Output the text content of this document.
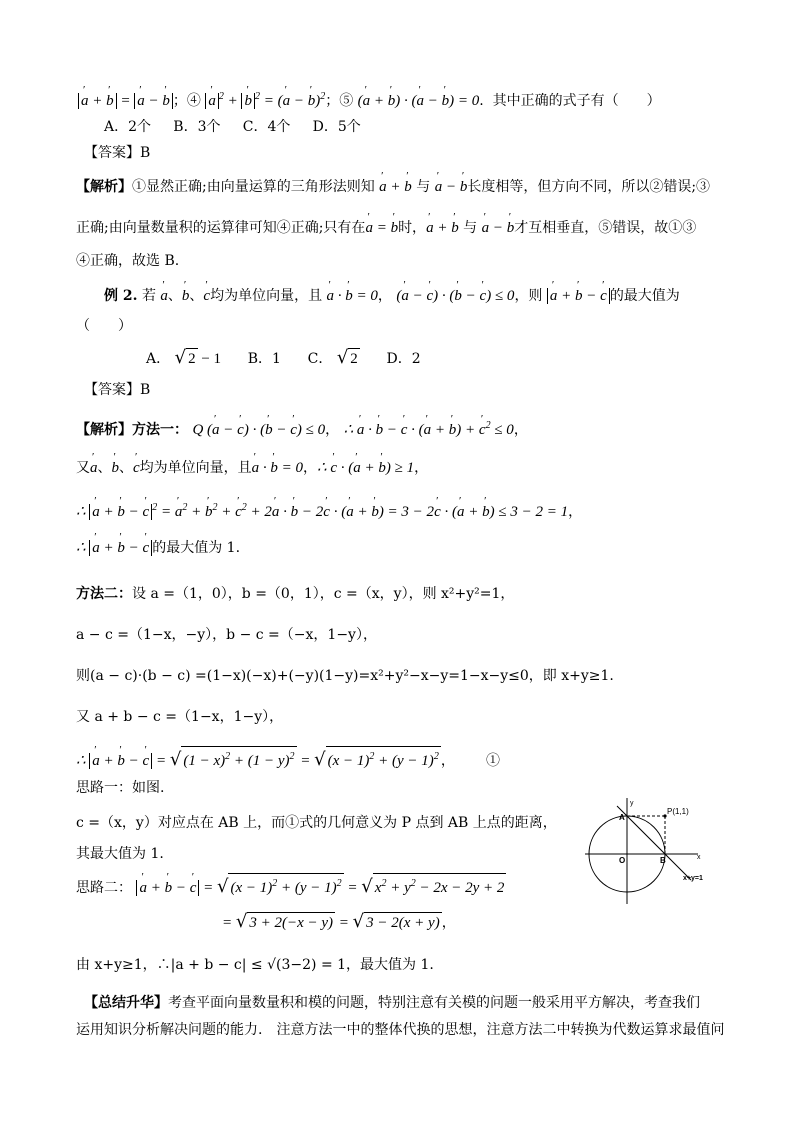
ʹ a + ʹ b = ʹ a − ʹ b ；④ ʹ a $^2$ + ʹ b $^2$ = (ʹ a − ʹ b)$^2$；⑤ (ʹ a + ʹ b) · (ʹ a − ʹ b) = 0.  其中正确的式子有（　　）
A．2个 B．3个 C．4个 D．5个
【答案】B
【解析】①显然正确;由向量运算的三角形法则知 ʹ a + ʹ b 与 ʹ a − ʹ b长度相等，但方向不同，所以②错误;③
正确;由向量数量积的运算律可知④正确;只有在ʹ a = ʹ b时，ʹ a + ʹ b 与 ʹ a − ʹ b才互相垂直，⑤错误，故①③
④正确，故选 B.
例 2. 若 ʹ a、ʹ b、ʹ c均为单位向量，且 ʹ a · ʹ b = 0， (ʹ a − ʹ c) · (ʹ b − ʹ c) ≤ 0，则 ʹ a + ʹ b − ʹ c 的最大值为
（　　）
A． √ 2 − 1 B．1 C． √ 2 D．2
【答案】B
【解析】方法一： Q (ʹ a − ʹ c) · (ʹ b − ʹ c) ≤ 0， ∴ ʹ a · ʹ b − ʹ c · (ʹ a + ʹ b) + ʹ $c^2 \le 0$，
又ʹ a、ʹ b、ʹ c均为单位向量，且ʹ a · ʹ b = 0，∴ ʹ c · (ʹ a + ʹ b) ≥ 1，
∴ ʹ a + ʹ b − ʹ c $^2$ = ʹ $a^2$ + ʹ $b^2$ + ʹ $c^2$ + 2ʹ a · ʹ b − 2ʹ c · (ʹ a + ʹ b) = 3 − 2ʹ c · (ʹ a + ʹ b) ≤ 3 − 2 = 1，
∴ ʹ a + ʹ b − ʹ c 的最大值为 1.
方法二：设 a =（1，0），b =（0，1），c =（x，y），则 x²+y²=1，
a − c =（1−x，−y），b − c =（−x，1−y），
则(a − c)·(b − c) =(1−x)(−x)+(−y)(1−y)=x²+y²−x−y=1−x−y≤0，即 x+y≥1.
又 a + b − c =（1−x，1−y），
∴ ʹ a + ʹ b − ʹ c = √ $(1 - x)^2 + (1 - y)^2$ = √ $(x - 1)^2 + (y - 1)^2$ ，       ①
思路一：如图.
c =（x，y）对应点在 AB 上，而①式的几何意义为 P 点到 AB 上点的距离，
其最大值为 1.
思路二： ʹ a + ʹ b − ʹ c = √ $(x - 1)^2 + (y - 1)^2$ = √ $x^2 + y^2 - 2x - 2y + 2$
= √ 3 + 2(−x − y) = √ 3 − 2(x + y) ，
由 x+y≥1，∴|a + b − c| ≤ √(3−2) = 1，最大值为 1.
【总结升华】考查平面向量数量积和模的问题，特别注意有关模的问题一般采用平方解决，考查我们
运用知识分析解决问题的能力.　注意方法一中的整体代换的思想，注意方法二中转换为代数运算求最值问
P(1,1)
A
B
O	x
y
x+y=1
